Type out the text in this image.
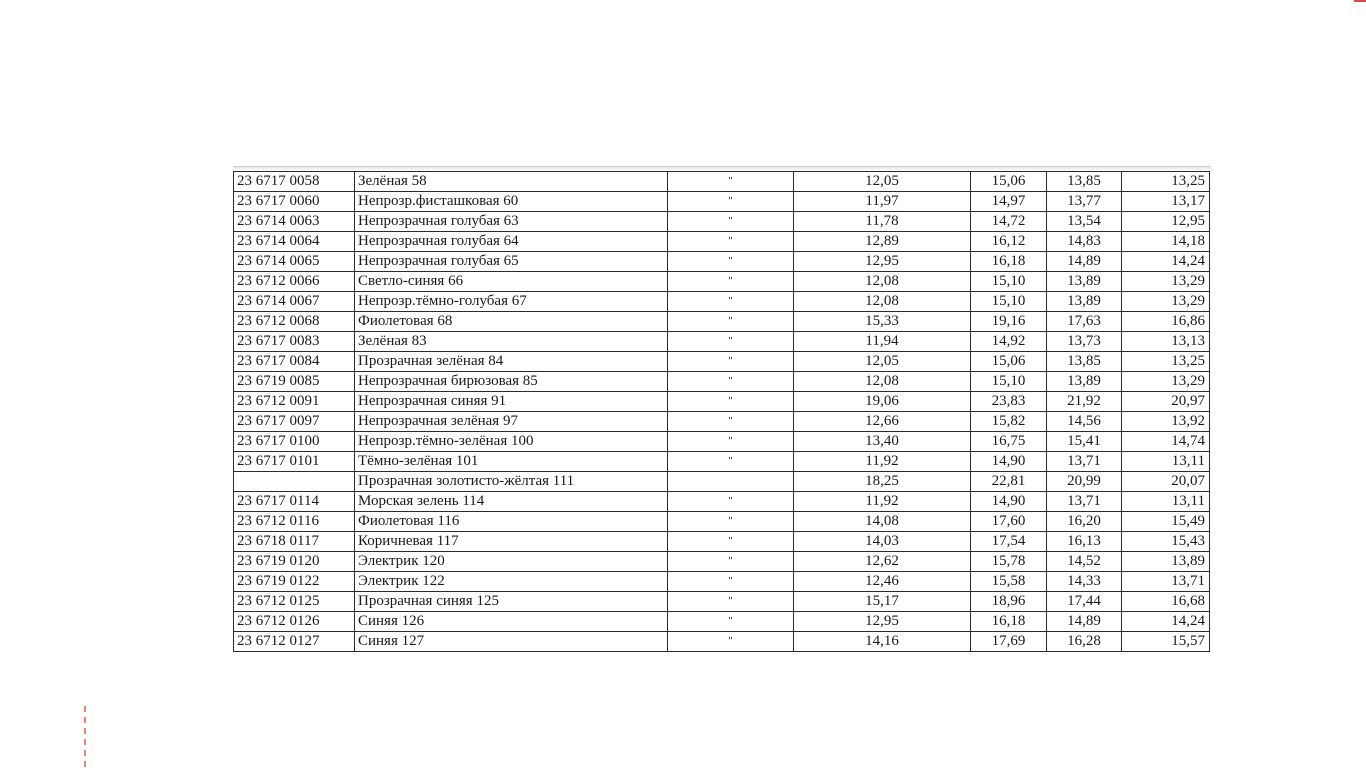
23 6717 0058	Зелёная 58	"	12,05	15,06	13,85	13,25
23 6717 0060	Непрозр.фисташковая 60	"	11,97	14,97	13,77	13,17
23 6714 0063	Непрозрачная голубая 63	"	11,78	14,72	13,54	12,95
23 6714 0064	Непрозрачная голубая 64	"	12,89	16,12	14,83	14,18
23 6714 0065	Непрозрачная голубая 65	"	12,95	16,18	14,89	14,24
23 6712 0066	Светло-синяя 66	"	12,08	15,10	13,89	13,29
23 6714 0067	Непрозр.тёмно-голубая 67	"	12,08	15,10	13,89	13,29
23 6712 0068	Фиолетовая 68	"	15,33	19,16	17,63	16,86
23 6717 0083	Зелёная 83	"	11,94	14,92	13,73	13,13
23 6717 0084	Прозрачная зелёная 84	"	12,05	15,06	13,85	13,25
23 6719 0085	Непрозрачная бирюзовая 85	"	12,08	15,10	13,89	13,29
23 6712 0091	Непрозрачная синяя 91	"	19,06	23,83	21,92	20,97
23 6717 0097	Непрозрачная зелёная 97	"	12,66	15,82	14,56	13,92
23 6717 0100	Непрозр.тёмно-зелёная 100	"	13,40	16,75	15,41	14,74
23 6717 0101	Тёмно-зелёная 101	"	11,92	14,90	13,71	13,11
	Прозрачная золотисто-жёлтая 111		18,25	22,81	20,99	20,07
23 6717 0114	Морская зелень 114	"	11,92	14,90	13,71	13,11
23 6712 0116	Фиолетовая 116	"	14,08	17,60	16,20	15,49
23 6718 0117	Коричневая 117	"	14,03	17,54	16,13	15,43
23 6719 0120	Электрик 120	"	12,62	15,78	14,52	13,89
23 6719 0122	Электрик 122	"	12,46	15,58	14,33	13,71
23 6712 0125	Прозрачная синяя 125	"	15,17	18,96	17,44	16,68
23 6712 0126	Синяя 126	"	12,95	16,18	14,89	14,24
23 6712 0127	Синяя 127	"	14,16	17,69	16,28	15,57
